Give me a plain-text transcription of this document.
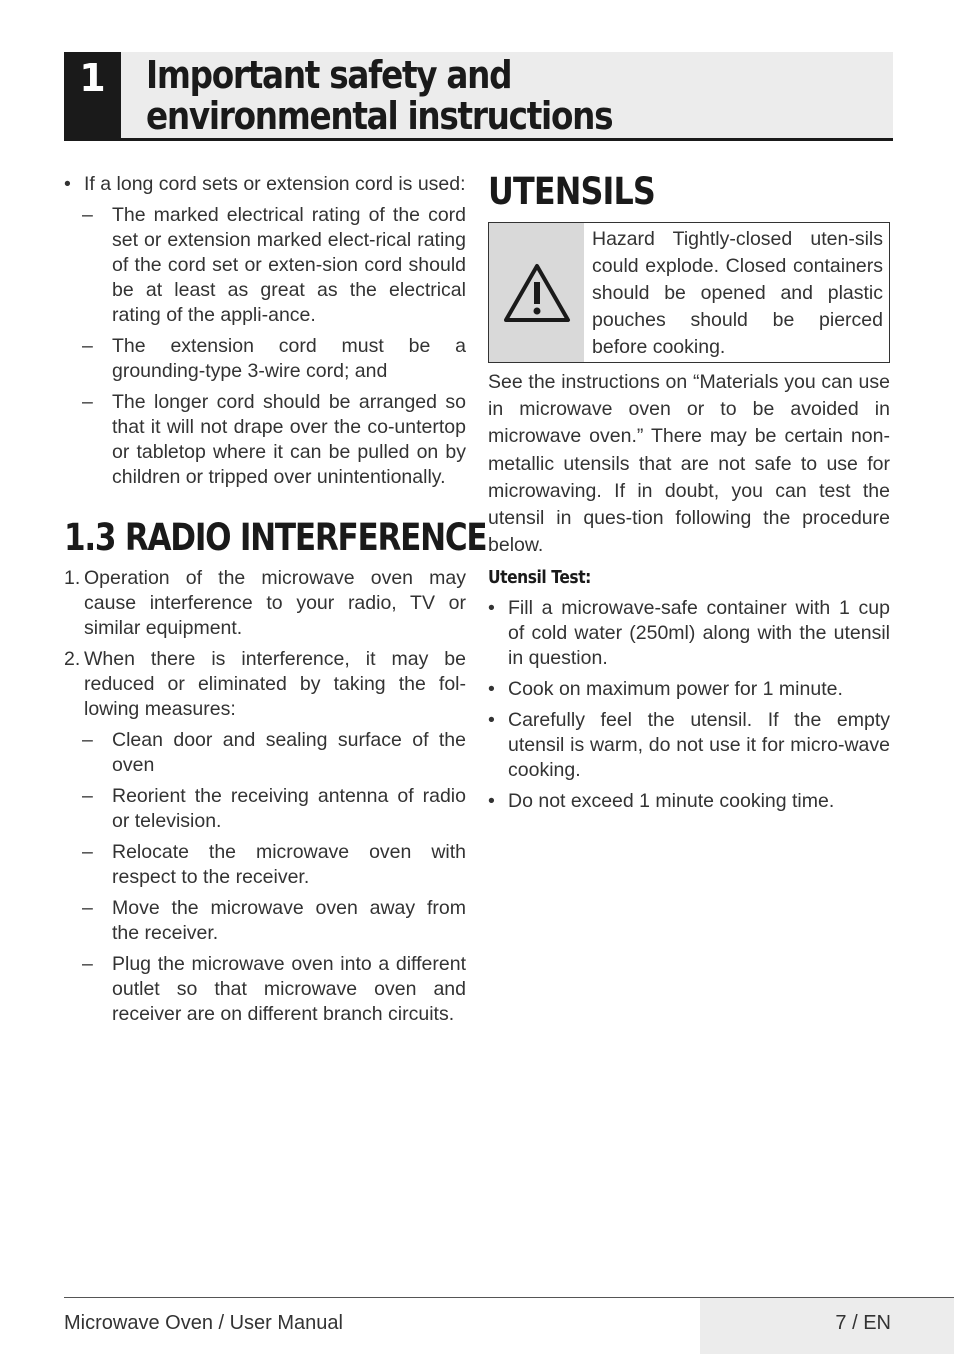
1	Important safety and environmental instructions
• If a long cord sets or extension cord is used:
– The marked electrical rating of the cord set or extension marked elect-rical rating of the cord set or exten-sion cord should be at least as great as the electrical rating of the appli-ance.
– The extension cord must be a grounding-type 3-wire cord; and
– The longer cord should be arranged so that it will not drape over the co-untertop or tabletop where it can be pulled on by children or tripped over unintentionally.
1.3 RADIO INTERFERENCE
1. Operation of the microwave oven may cause interference to your radio, TV or similar equipment.
2. When there is interference, it may be reduced or eliminated by taking the fol-lowing measures:
– Clean door and sealing surface of the oven
– Reorient the receiving antenna of radio or television.
– Relocate the microwave oven with respect to the receiver.
– Move the microwave oven away from the receiver.
– Plug the microwave oven into a different outlet so that microwave oven and receiver are on different branch circuits.
UTENSILS
Hazard Tightly-closed uten-sils could explode. Closed containers should be opened and plastic pouches should be pierced before cooking.
See the instructions on “Materials you can use in microwave oven or to be avoided in microwave oven.” There may be certain non-metallic utensils that are not safe to use for microwaving. If in doubt, you can test the utensil in ques-tion following the procedure below.
Utensil Test:
• Fill a microwave-safe container with 1 cup of cold water (250ml) along with the utensil in question.
• Cook on maximum power for 1 minute.
• Carefully feel the utensil. If the empty utensil is warm, do not use it for micro-wave cooking.
• Do not exceed 1 minute cooking time.
Microwave Oven / User Manual	7 / EN
